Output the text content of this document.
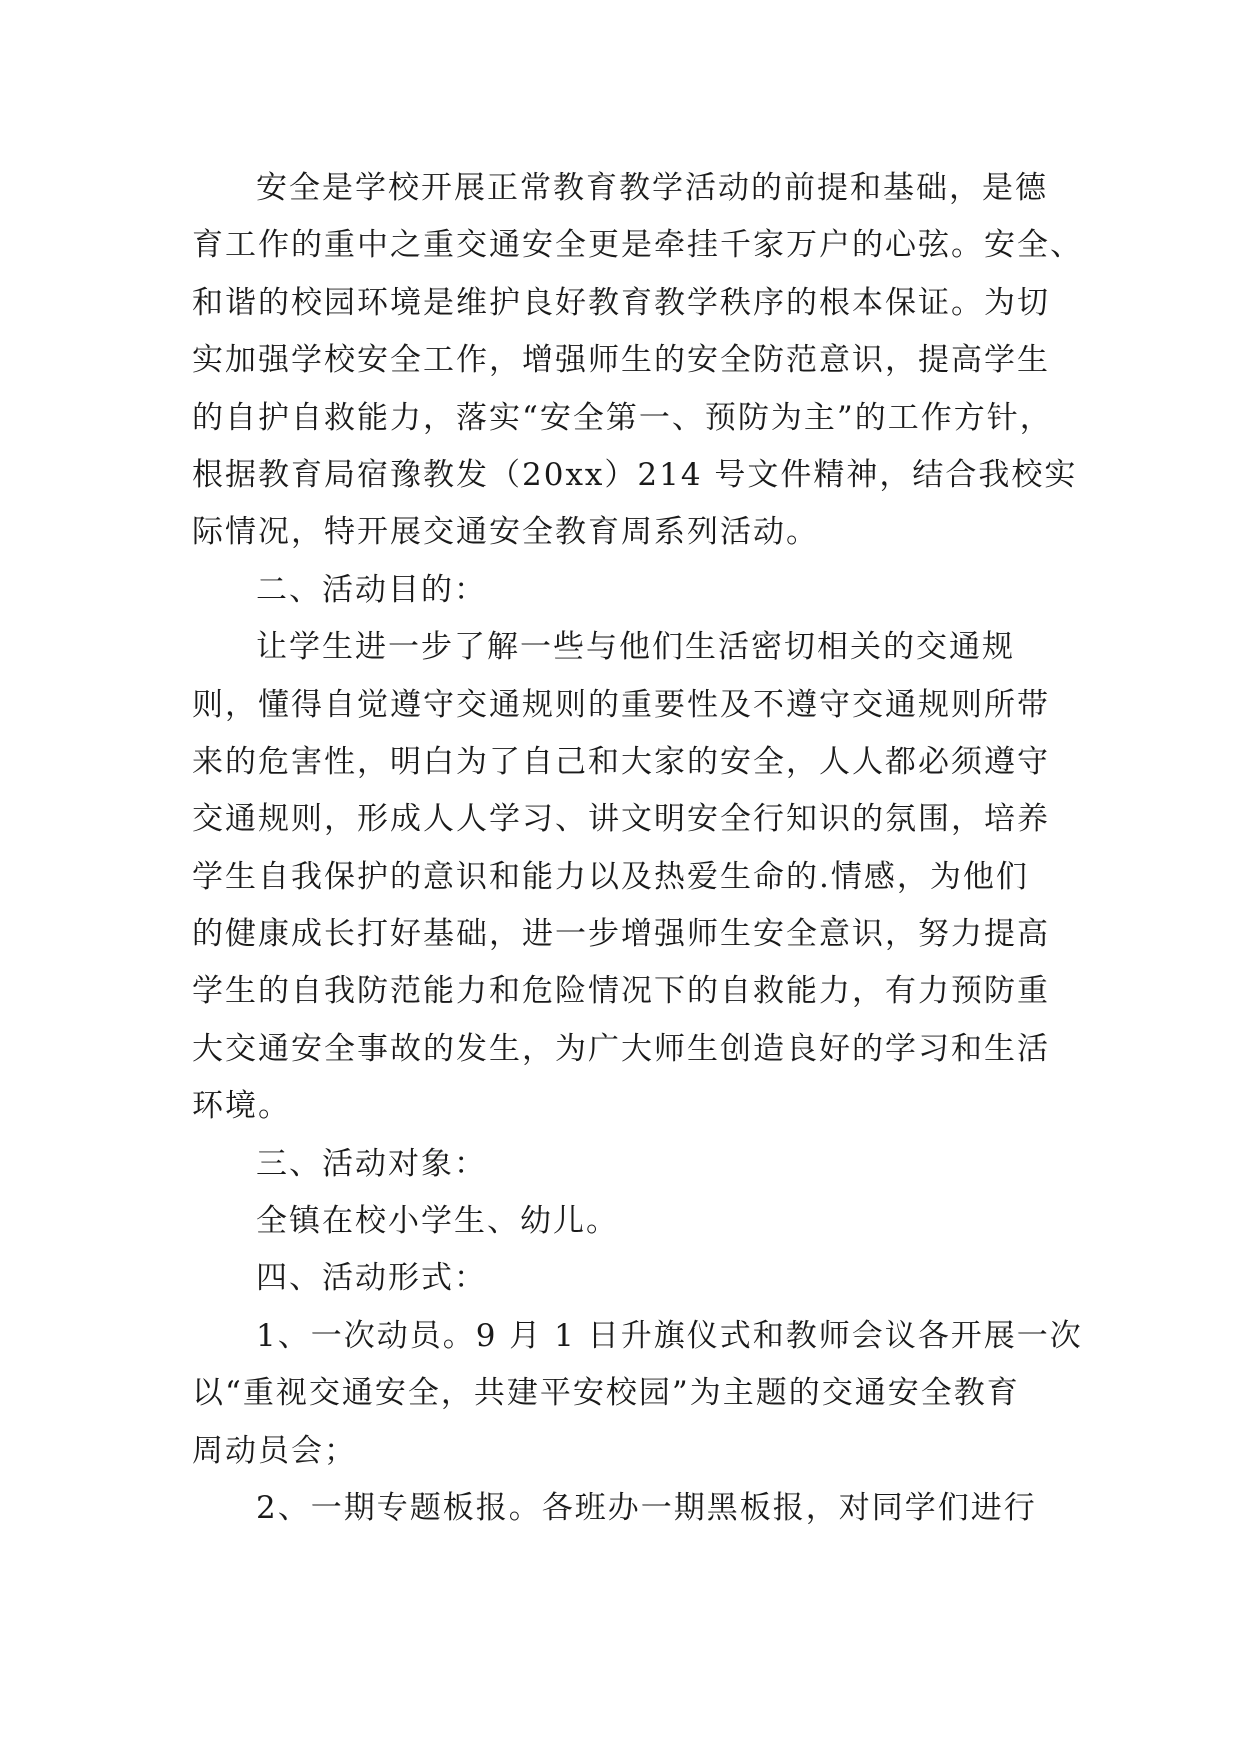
安全是学校开展正常教育教学活动的前提和基础，是德
育工作的重中之重交通安全更是牵挂千家万户的心弦。安全、
和谐的校园环境是维护良好教育教学秩序的根本保证。为切
实加强学校安全工作，增强师生的安全防范意识，提高学生
的自护自救能力，落实“安全第一、预防为主”的工作方针，
根据教育局宿豫教发（20xx）214 号文件精神，结合我校实
际情况，特开展交通安全教育周系列活动。
二、活动目的：
让学生进一步了解一些与他们生活密切相关的交通规
则，懂得自觉遵守交通规则的重要性及不遵守交通规则所带
来的危害性，明白为了自己和大家的安全，人人都必须遵守
交通规则，形成人人学习、讲文明安全行知识的氛围，培养
学生自我保护的意识和能力以及热爱生命的.情感，为他们
的健康成长打好基础，进一步增强师生安全意识，努力提高
学生的自我防范能力和危险情况下的自救能力，有力预防重
大交通安全事故的发生，为广大师生创造良好的学习和生活
环境。
三、活动对象：
全镇在校小学生、幼儿。
四、活动形式：
1、一次动员。9 月 1 日升旗仪式和教师会议各开展一次
以“重视交通安全，共建平安校园”为主题的交通安全教育
周动员会；
2、一期专题板报。各班办一期黑板报，对同学们进行
